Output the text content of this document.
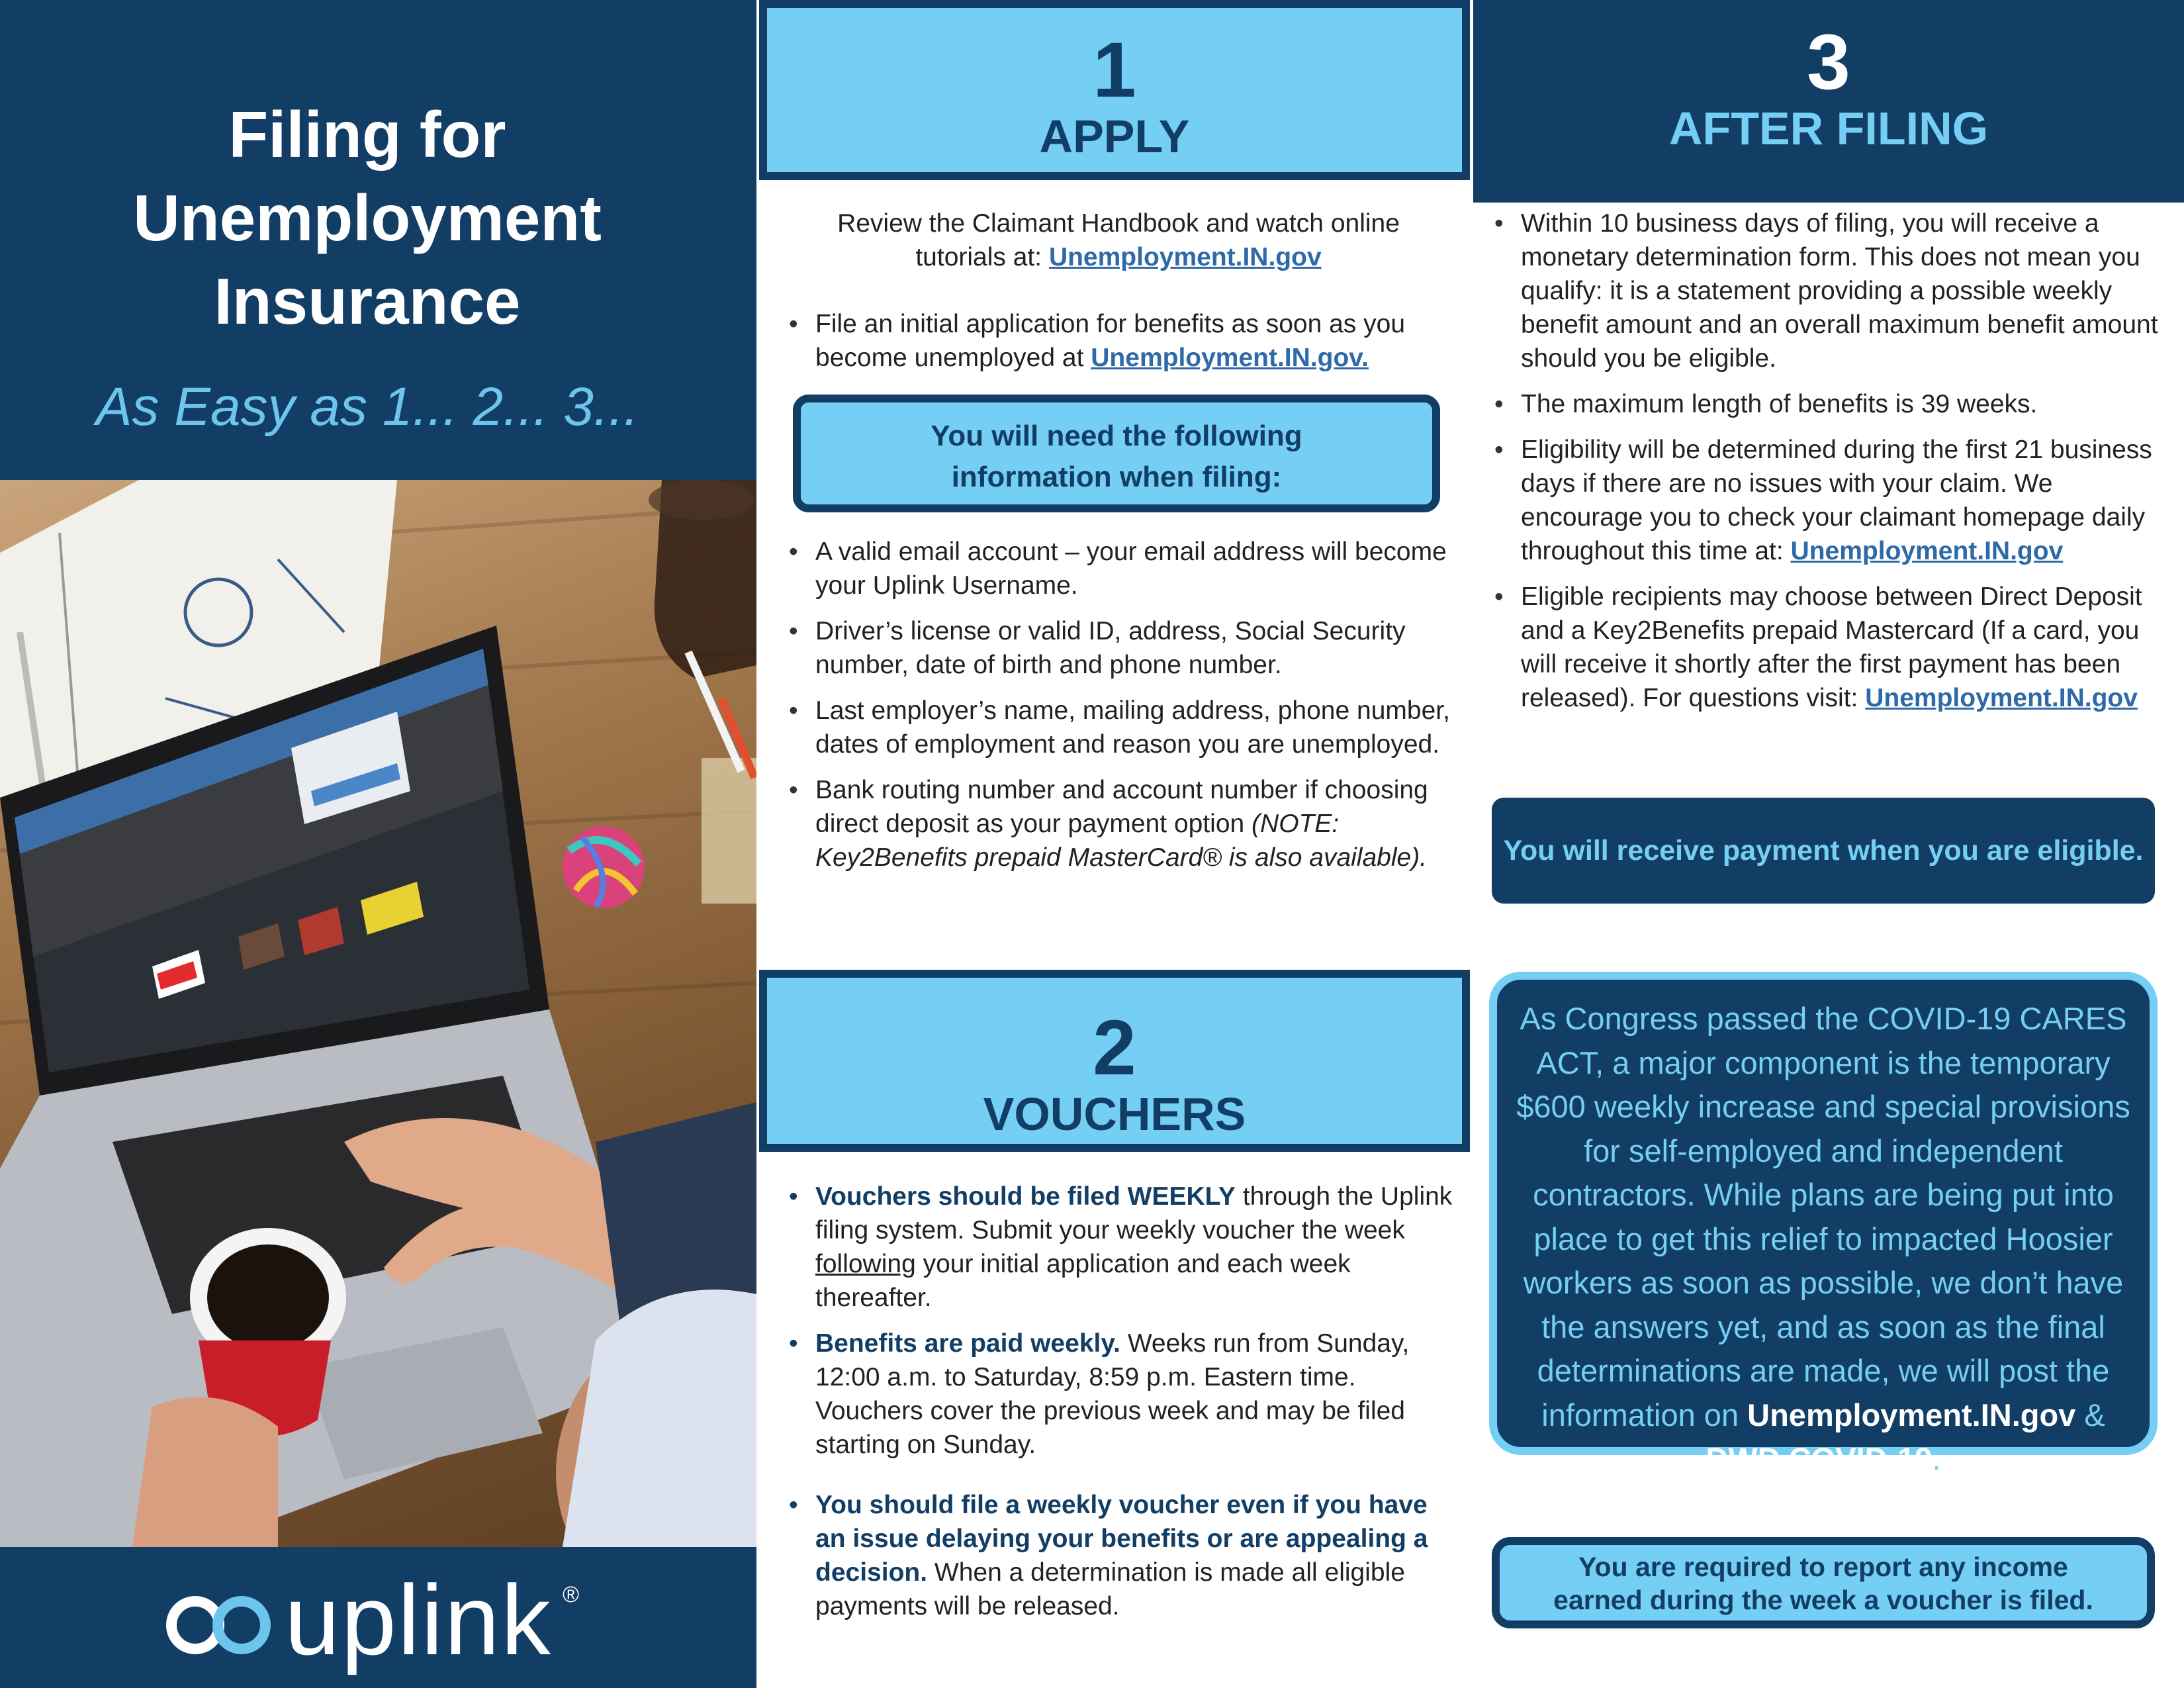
Filing for
Unemployment
Insurance

As Easy as 1... 2... 3...

uplink ®
1
APPLY
Review the Claimant Handbook and watch online tutorials at: Unemployment.IN.gov

• File an initial application for benefits as soon as you become unemployed at Unemployment.IN.gov.

You will need the following
information when filing:

• A valid email account – your email address will become your Uplink Username.

• Driver’s license or valid ID, address, Social Security number, date of birth and phone number.

• Last employer’s name, mailing address, phone number, dates of employment and reason you are unemployed.

• Bank routing number and account number if choosing direct deposit as your payment option (NOTE: Key2Benefits prepaid MasterCard® is also available).

2
VOUCHERS

• Vouchers should be filed WEEKLY through the Uplink filing system. Submit your weekly voucher the week following your initial application and each week thereafter.

• Benefits are paid weekly. Weeks run from Sunday, 12:00 a.m. to Saturday, 8:59 p.m. Eastern time. Vouchers cover the previous week and may be filed starting on Sunday.

• You should file a weekly voucher even if you have an issue delaying your benefits or are appealing a decision. When a determination is made all eligible payments will be released.

3
AFTER FILING

• Within 10 business days of filing, you will receive a monetary determination form. This does not mean you qualify: it is a statement providing a possible weekly benefit amount and an overall maximum benefit amount should you be eligible.

• The maximum length of benefits is 39 weeks.

• Eligibility will be determined during the first 21 business days if there are no issues with your claim. We encourage you to check your claimant homepage daily throughout this time at: Unemployment.IN.gov

• Eligible recipients may choose between Direct Deposit and a Key2Benefits prepaid Mastercard (If a card, you will receive it shortly after the first payment has been released). For questions visit: Unemployment.IN.gov

You will receive payment when you are eligible.
As Congress passed the COVID-19 CARES ACT, a major component is the temporary $600 weekly increase and special provisions for self-employed and independent contractors. While plans are being put into place to get this relief to impacted Hoosier workers as soon as possible, we don’t have the answers yet, and as soon as the final determinations are made, we will post the information on Unemployment.IN.gov & DWD COVID-19.
You are required to report any income
earned during the week a voucher is filed.
